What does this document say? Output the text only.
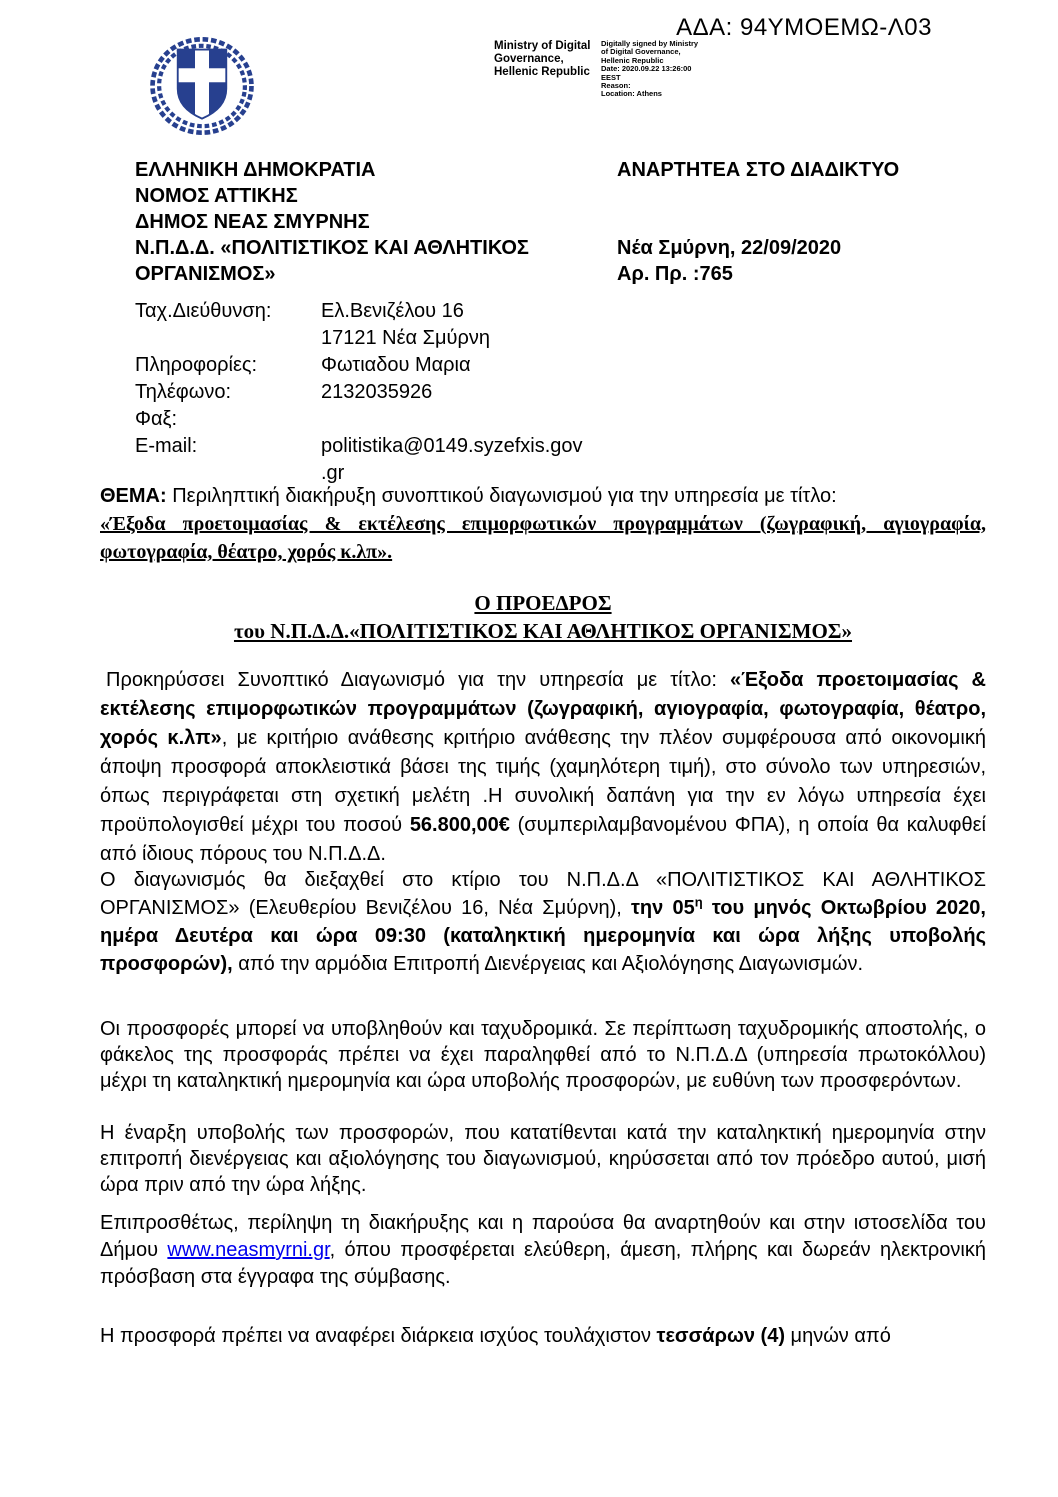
ΑΔΑ: 94ΥΜΟΕΜΩ-Λ03
Ministry of Digital
Governance,
Hellenic Republic
Digitally signed by Ministry
of Digital Governance,
Hellenic Republic
Date: 2020.09.22 13:26:00
EEST
Reason:
Location: Athens
ΕΛΛΗΝΙΚΗ ΔΗΜΟΚΡΑΤΙΑ
ΝΟΜΟΣ ΑΤΤΙΚΗΣ
ΔΗΜΟΣ ΝΕΑΣ ΣΜΥΡΝΗΣ
Ν.Π.Δ.Δ. «ΠΟΛΙΤΙΣΤΙΚΟΣ ΚΑΙ ΑΘΛΗΤΙΚΟΣ
ΟΡΓΑΝΙΣΜΟΣ»
ΑΝΑΡΤΗΤΕΑ ΣΤΟ ΔΙΑΔΙΚΤΥΟ
Νέα Σμύρνη, 22/09/2020
Αρ. Πρ. :765
Ταχ.Διεύθυνση:	Ελ.Βενιζέλου 16
17121 Νέα Σμύρνη
Πληροφορίες:	Φωτιαδου Μαρια
Τηλέφωνο:	2132035926
Φαξ:
E-mail:	politistika@0149.syzefxis.gov
.gr
ΘΕΜΑ: Περιληπτική διακήρυξη συνοπτικού διαγωνισμού για την υπηρεσία με τίτλο:
«Έξοδα προετοιμασίας & εκτέλεσης επιμορφωτικών προγραμμάτων (ζωγραφική, αγιογραφία, φωτογραφία, θέατρο, χορός κ.λπ».
Ο ΠΡΟΕΔΡΟΣ
του Ν.Π.Δ.Δ.«ΠΟΛΙΤΙΣΤΙΚΟΣ ΚΑΙ ΑΘΛΗΤΙΚΟΣ ΟΡΓΑΝΙΣΜΟΣ»

Προκηρύσσει Συνοπτικό Διαγωνισμό για την υπηρεσία με τίτλο: «Έξοδα προετοιμασίας & εκτέλεσης επιμορφωτικών προγραμμάτων (ζωγραφική, αγιογραφία, φωτογραφία, θέατρο, χορός κ.λπ», με κριτήριο ανάθεσης κριτήριο ανάθεσης την πλέον συμφέρουσα από οικονομική άποψη προσφορά αποκλειστικά βάσει της τιμής (χαμηλότερη τιμή), στο σύνολο των υπηρεσιών, όπως περιγράφεται στη σχετική μελέτη .Η συνολική δαπάνη για την εν λόγω υπηρεσία έχει προϋπολογισθεί μέχρι του ποσού 56.800,00€ (συμπεριλαμβανομένου ΦΠΑ), η οποία θα καλυφθεί από ίδιους πόρους του Ν.Π.Δ.Δ.

Ο διαγωνισμός θα διεξαχθεί στο κτίριο του Ν.Π.Δ.Δ «ΠΟΛΙΤΙΣΤΙΚΟΣ ΚΑΙ ΑΘΛΗΤΙΚΟΣ ΟΡΓΑΝΙΣΜΟΣ» (Ελευθερίου Βενιζέλου 16, Νέα Σμύρνη), την $05^\eta$ του μηνός Οκτωβρίου 2020, ημέρα Δευτέρα και ώρα 09:30 (καταληκτική ημερομηνία και ώρα λήξης υποβολής προσφορών), από την αρμόδια Επιτροπή Διενέργειας και Αξιολόγησης Διαγωνισμών.

Οι προσφορές μπορεί να υποβληθούν και ταχυδρομικά. Σε περίπτωση ταχυδρομικής αποστολής, ο φάκελος της προσφοράς πρέπει να έχει παραληφθεί από το Ν.Π.Δ.Δ (υπηρεσία πρωτοκόλλου) μέχρι τη καταληκτική ημερομηνία και ώρα υποβολής προσφορών, με ευθύνη των προσφερόντων.

Η έναρξη υποβολής των προσφορών, που κατατίθενται κατά την καταληκτική ημερομηνία στην επιτροπή διενέργειας και αξιολόγησης του διαγωνισμού, κηρύσσεται από τον πρόεδρο αυτού, μισή ώρα πριν από την ώρα λήξης.

Επιπροσθέτως, περίληψη τη διακήρυξης και η παρούσα θα αναρτηθούν και στην ιστοσελίδα του Δήμου www.neasmyrni.gr, όπου προσφέρεται ελεύθερη, άμεση, πλήρης και δωρεάν ηλεκτρονική πρόσβαση στα έγγραφα της σύμβασης.

Η προσφορά πρέπει να αναφέρει διάρκεια ισχύος τουλάχιστον τεσσάρων (4) μηνών από
